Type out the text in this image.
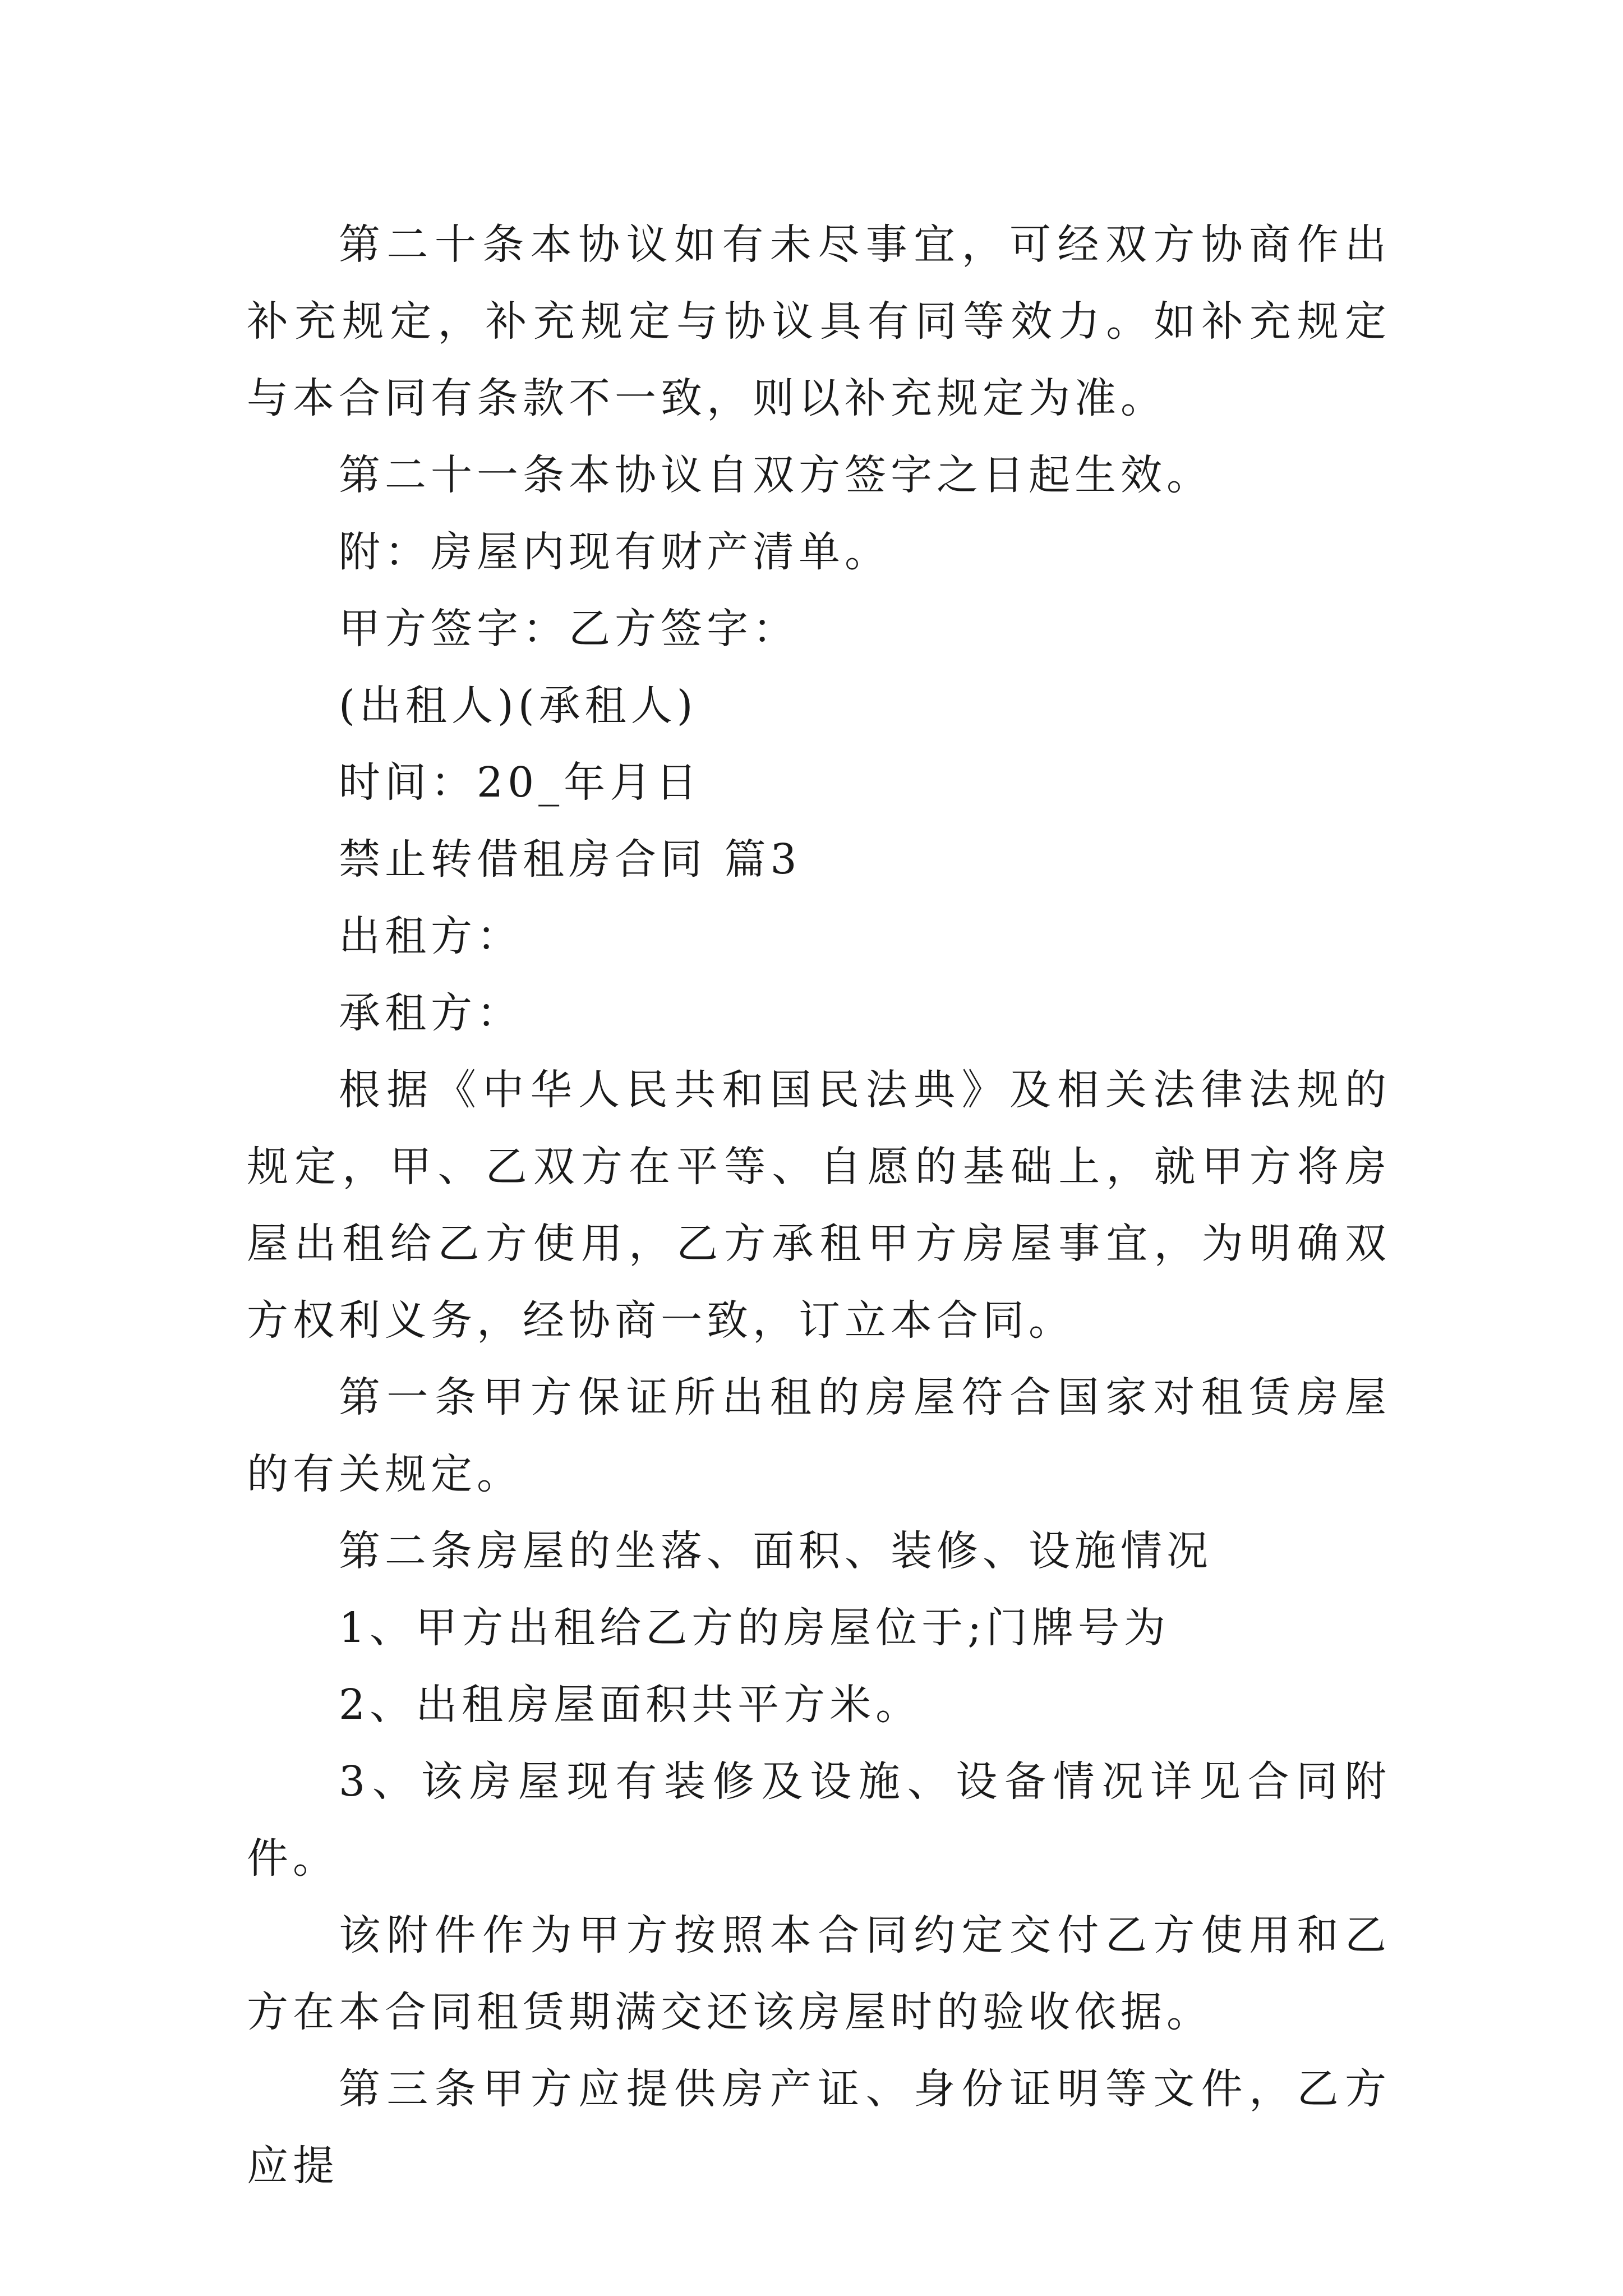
第二十条本协议如有未尽事宜，可经双方协商作出补充规定，补充规定与协议具有同等效力。如补充规定与本合同有条款不一致，则以补充规定为准。

第二十一条本协议自双方签字之日起生效。

附：房屋内现有财产清单。

甲方签字：乙方签字：

(出租人)(承租人)

时间：20_年月日

禁止转借租房合同 篇3

出租方：

承租方：

根据《中华人民共和国民法典》及相关法律法规的规定，甲、乙双方在平等、自愿的基础上，就甲方将房屋出租给乙方使用，乙方承租甲方房屋事宜，为明确双方权利义务，经协商一致，订立本合同。

第一条甲方保证所出租的房屋符合国家对租赁房屋的有关规定。

第二条房屋的坐落、面积、装修、设施情况

1、甲方出租给乙方的房屋位于;门牌号为

2、出租房屋面积共平方米。

3、该房屋现有装修及设施、设备情况详见合同附件。

该附件作为甲方按照本合同约定交付乙方使用和乙方在本合同租赁期满交还该房屋时的验收依据。

第三条甲方应提供房产证、身份证明等文件，乙方应提
